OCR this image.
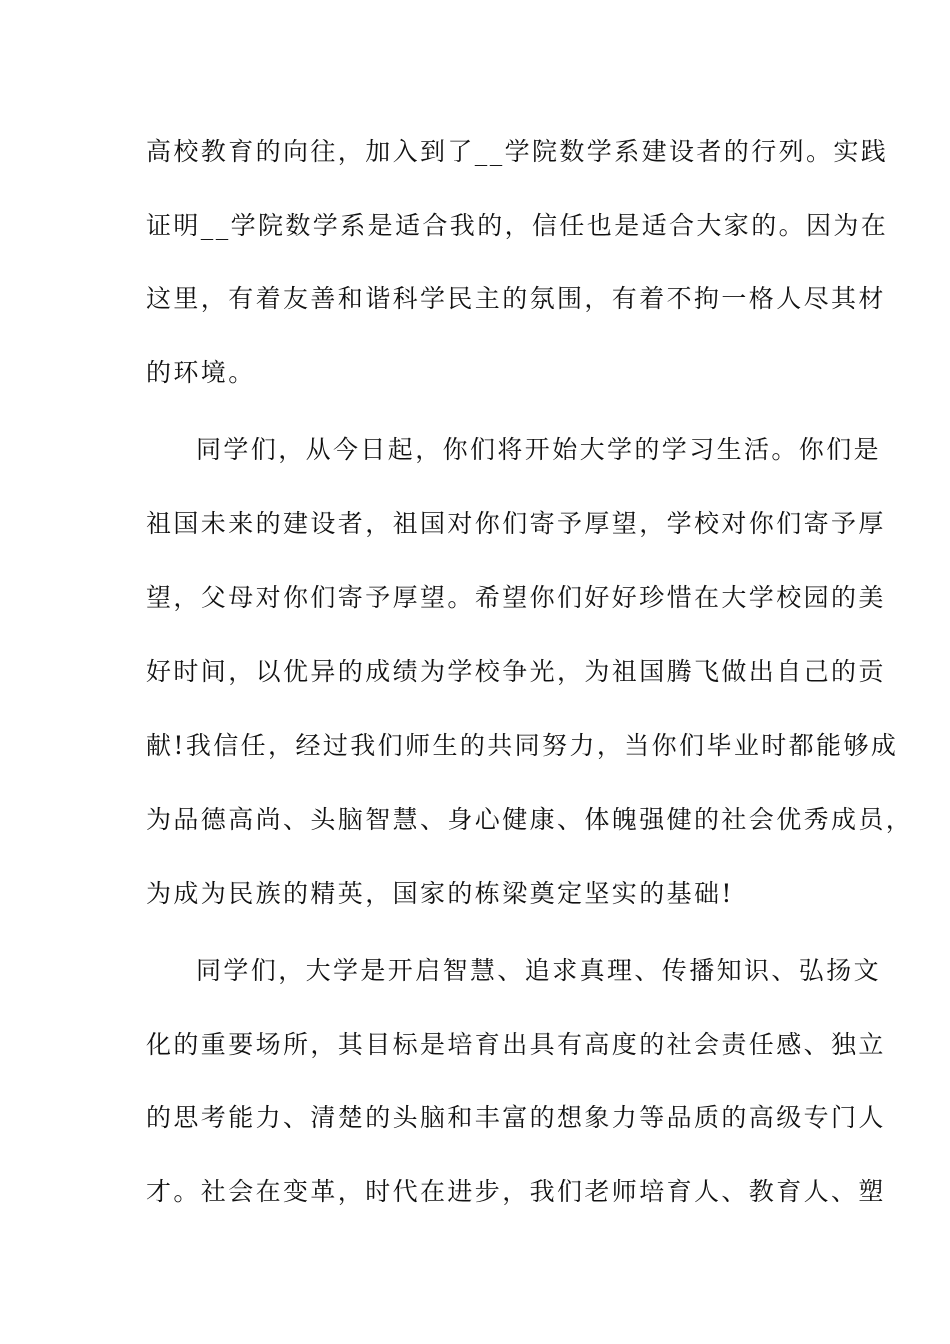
高校教育的向往，加入到了__学院数学系建设者的行列。实践
证明__学院数学系是适合我的，信任也是适合大家的。因为在
这里，有着友善和谐科学民主的氛围，有着不拘一格人尽其材
的环境。
同学们，从今日起，你们将开始大学的学习生活。你们是
祖国未来的建设者，祖国对你们寄予厚望，学校对你们寄予厚
望，父母对你们寄予厚望。希望你们好好珍惜在大学校园的美
好时间，以优异的成绩为学校争光，为祖国腾飞做出自己的贡
献!我信任，经过我们师生的共同努力，当你们毕业时都能够成
为品德高尚、头脑智慧、身心健康、体魄强健的社会优秀成员，
为成为民族的精英，国家的栋梁奠定坚实的基础!
同学们，大学是开启智慧、追求真理、传播知识、弘扬文
化的重要场所，其目标是培育出具有高度的社会责任感、独立
的思考能力、清楚的头脑和丰富的想象力等品质的高级专门人
才。社会在变革，时代在进步，我们老师培育人、教育人、塑
